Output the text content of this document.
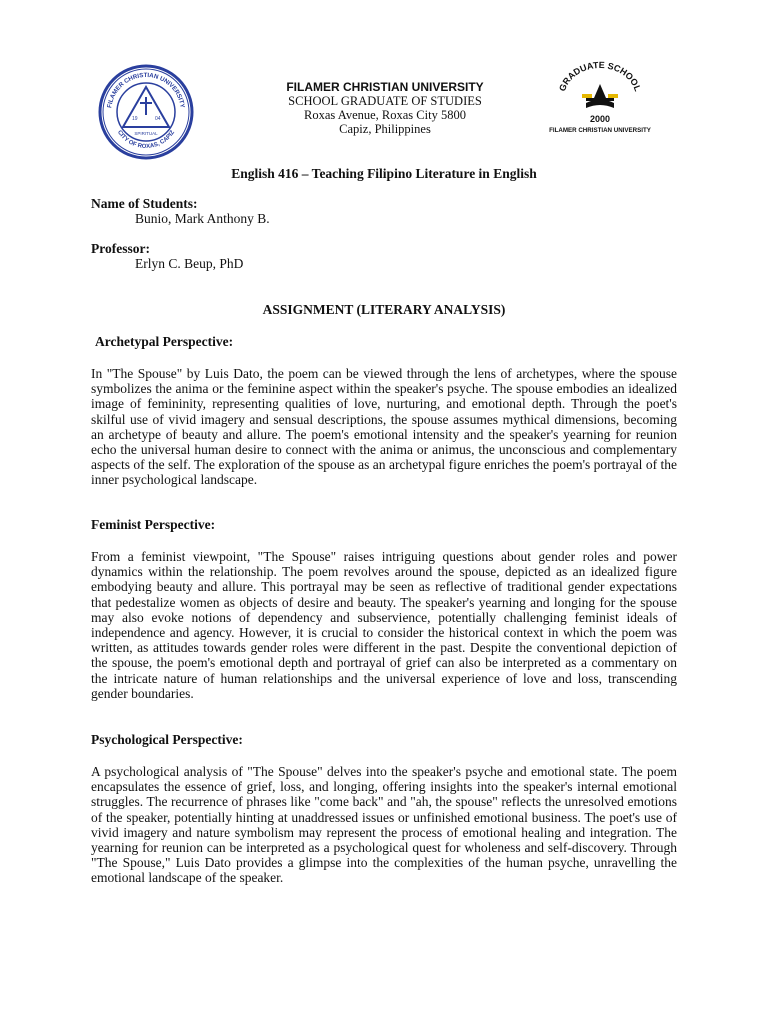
FILAMER CHRISTIAN UNIVERSITY
CITY OF ROXAS, CAPIZ
19	04
SPIRITUAL
FILAMER CHRISTIAN UNIVERSITY
SCHOOL GRADUATE OF STUDIES
Roxas Avenue, Roxas City 5800
Capiz, Philippines
GRADUATE SCHOOL
2000
FILAMER CHRISTIAN UNIVERSITY
English 416 – Teaching Filipino Literature in English
Name of Students:
Bunio, Mark Anthony B.
Professor:
Erlyn C. Beup, PhD
ASSIGNMENT (LITERARY ANALYSIS)
Archetypal Perspective:
In "The Spouse" by Luis Dato, the poem can be viewed through the lens of archetypes, where the spouse symbolizes the anima or the feminine aspect within the speaker's psyche. The spouse embodies an idealized image of femininity, representing qualities of love, nurturing, and emotional depth. Through the poet's skilful use of vivid imagery and sensual descriptions, the spouse assumes mythical dimensions, becoming an archetype of beauty and allure. The poem's emotional intensity and the speaker's yearning for reunion echo the universal human desire to connect with the anima or animus, the unconscious and complementary aspects of the self. The exploration of the spouse as an archetypal figure enriches the poem's portrayal of the inner psychological landscape.
Feminist Perspective:
From a feminist viewpoint, "The Spouse" raises intriguing questions about gender roles and power dynamics within the relationship. The poem revolves around the spouse, depicted as an idealized figure embodying beauty and allure. This portrayal may be seen as reflective of traditional gender expectations that pedestalize women as objects of desire and beauty. The speaker's yearning and longing for the spouse may also evoke notions of dependency and subservience, potentially challenging feminist ideals of independence and agency. However, it is crucial to consider the historical context in which the poem was written, as attitudes towards gender roles were different in the past. Despite the conventional depiction of the spouse, the poem's emotional depth and portrayal of grief can also be interpreted as a commentary on the intricate nature of human relationships and the universal experience of love and loss, transcending gender boundaries.
Psychological Perspective:
A psychological analysis of "The Spouse" delves into the speaker's psyche and emotional state. The poem encapsulates the essence of grief, loss, and longing, offering insights into the speaker's internal emotional struggles. The recurrence of phrases like "come back" and "ah, the spouse" reflects the unresolved emotions of the speaker, potentially hinting at unaddressed issues or unfinished emotional business. The poet's use of vivid imagery and nature symbolism may represent the process of emotional healing and integration. The yearning for reunion can be interpreted as a psychological quest for wholeness and self-discovery. Through "The Spouse," Luis Dato provides a glimpse into the complexities of the human psyche, unravelling the emotional landscape of the speaker.
